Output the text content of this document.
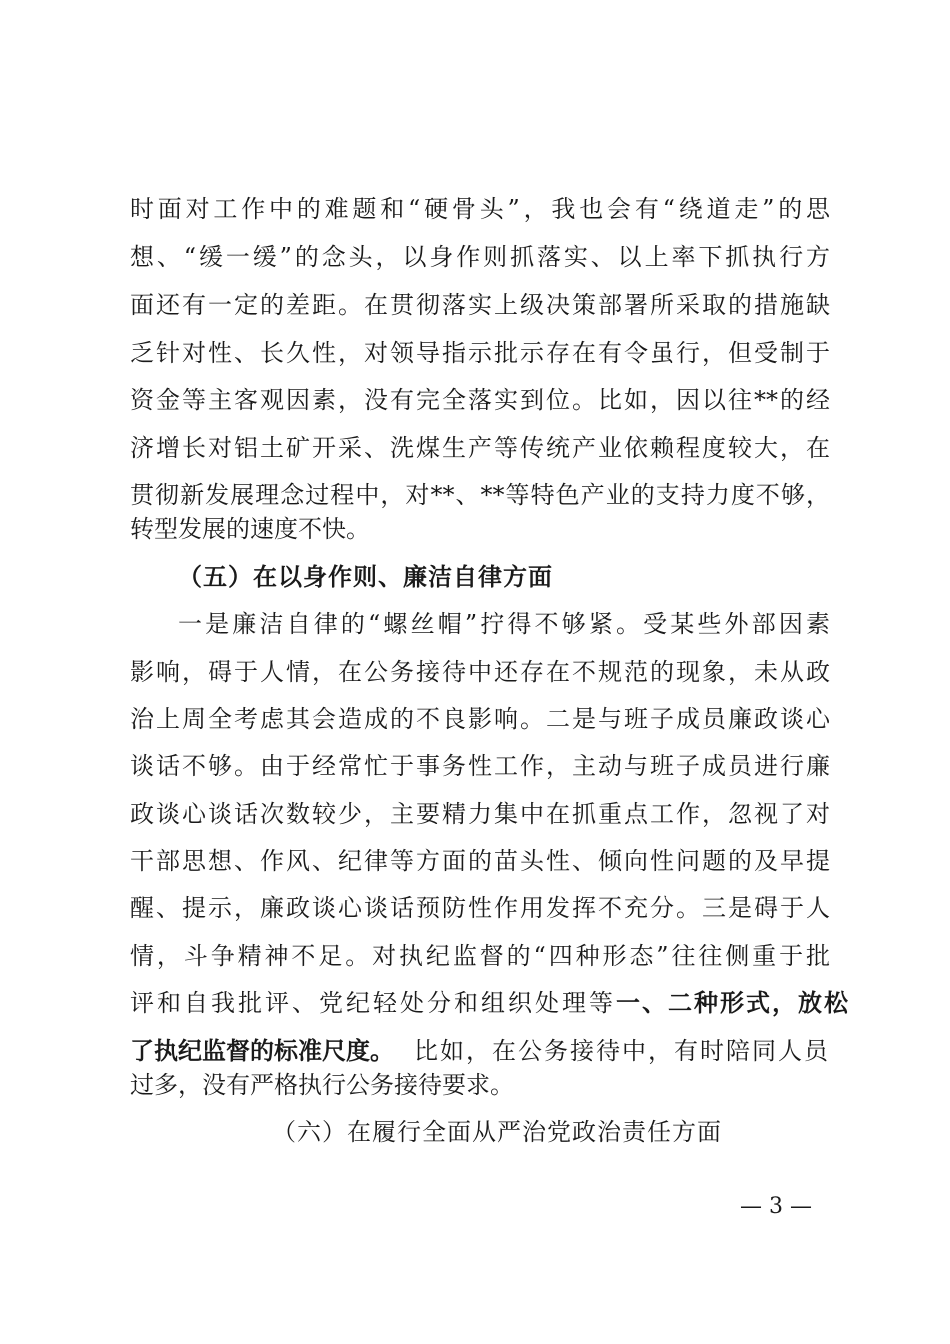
时面对工作中的难题和“硬骨头”，我也会有“绕道走”的思
想、“缓一缓”的念头，以身作则抓落实、以上率下抓执行方
面还有一定的差距。在贯彻落实上级决策部署所采取的措施缺
乏针对性、长久性，对领导指示批示存在有令虽行，但受制于
资金等主客观因素，没有完全落实到位。比如，因以往**的经
济增长对铝土矿开采、洗煤生产等传统产业依赖程度较大，在
贯彻新发展理念过程中，对**、**等特色产业的支持力度不够，
转型发展的速度不快。
（五）在以身作则、廉洁自律方面
一是廉洁自律的“螺丝帽”拧得不够紧。受某些外部因素
影响，碍于人情，在公务接待中还存在不规范的现象，未从政
治上周全考虑其会造成的不良影响。二是与班子成员廉政谈心
谈话不够。由于经常忙于事务性工作，主动与班子成员进行廉
政谈心谈话次数较少，主要精力集中在抓重点工作，忽视了对
干部思想、作风、纪律等方面的苗头性、倾向性问题的及早提
醒、提示，廉政谈心谈话预防性作用发挥不充分。三是碍于人
情，斗争精神不足。对执纪监督的“四种形态”往往侧重于批
评和自我批评、党纪轻处分和组织处理等 一、二种形式，放松
了执纪监督的标准尺度。 比如，在公务接待中，有时陪同人员
过多，没有严格执行公务接待要求。
（六）在履行全面从严治党政治责任方面
— 3 —
